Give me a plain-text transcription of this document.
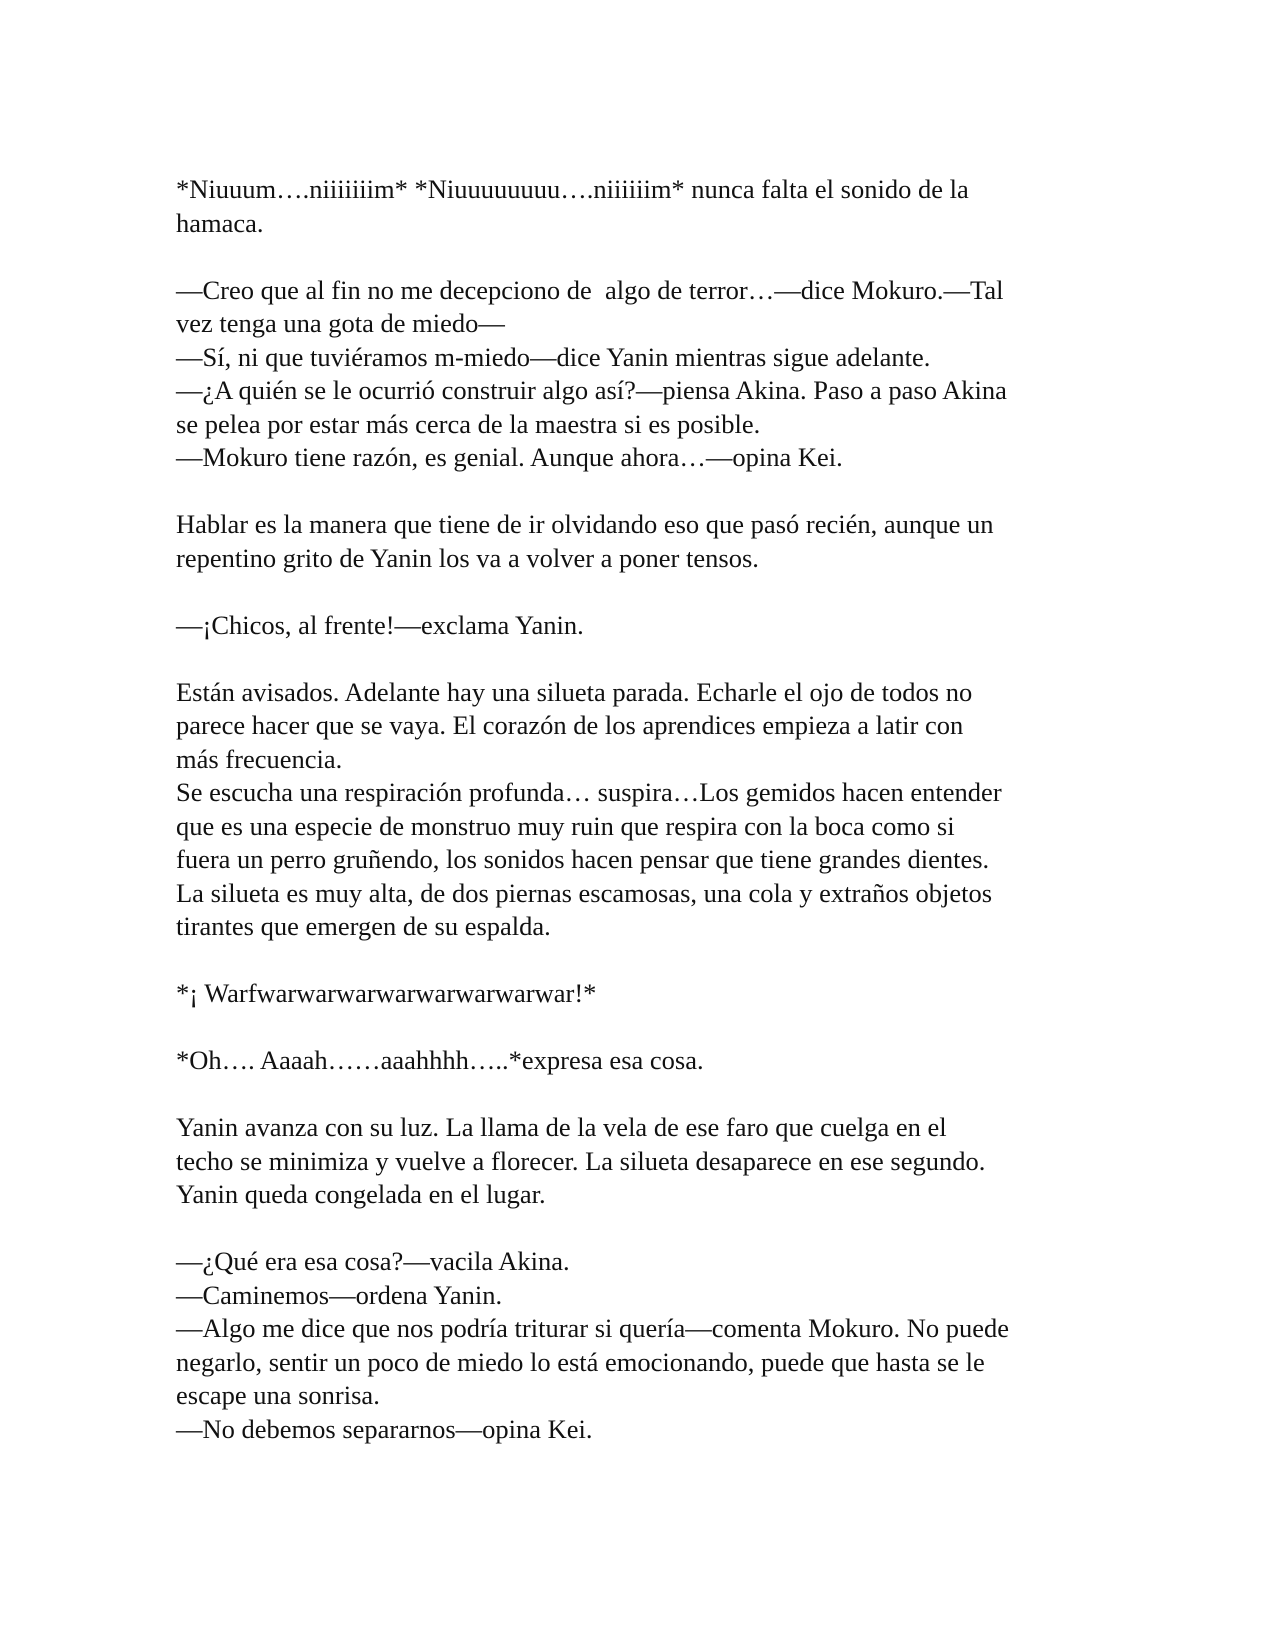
*Niuuum….niiiiiiim* *Niuuuuuuuu….niiiiiim* nunca falta el sonido de la
hamaca.
—Creo que al fin no me decepciono de  algo de terror…—dice Mokuro.—Tal
vez tenga una gota de miedo—
—Sí, ni que tuviéramos m-miedo—dice Yanin mientras sigue adelante.
—¿A quién se le ocurrió construir algo así?—piensa Akina. Paso a paso Akina
se pelea por estar más cerca de la maestra si es posible.
—Mokuro tiene razón, es genial. Aunque ahora…—opina Kei.
Hablar es la manera que tiene de ir olvidando eso que pasó recién, aunque un
repentino grito de Yanin los va a volver a poner tensos.
—¡Chicos, al frente!—exclama Yanin.
Están avisados. Adelante hay una silueta parada. Echarle el ojo de todos no
parece hacer que se vaya. El corazón de los aprendices empieza a latir con
más frecuencia.
Se escucha una respiración profunda… suspira…Los gemidos hacen entender
que es una especie de monstruo muy ruin que respira con la boca como si
fuera un perro gruñendo, los sonidos hacen pensar que tiene grandes dientes.
La silueta es muy alta, de dos piernas escamosas, una cola y extraños objetos
tirantes que emergen de su espalda.
*¡ Warfwarwarwarwarwarwarwarwar!*
*Oh…. Aaaah……aaahhhh…..*expresa esa cosa.
Yanin avanza con su luz. La llama de la vela de ese faro que cuelga en el
techo se minimiza y vuelve a florecer. La silueta desaparece en ese segundo.
Yanin queda congelada en el lugar.
—¿Qué era esa cosa?—vacila Akina.
—Caminemos—ordena Yanin.
—Algo me dice que nos podría triturar si quería—comenta Mokuro. No puede
negarlo, sentir un poco de miedo lo está emocionando, puede que hasta se le
escape una sonrisa.
—No debemos separarnos—opina Kei.
